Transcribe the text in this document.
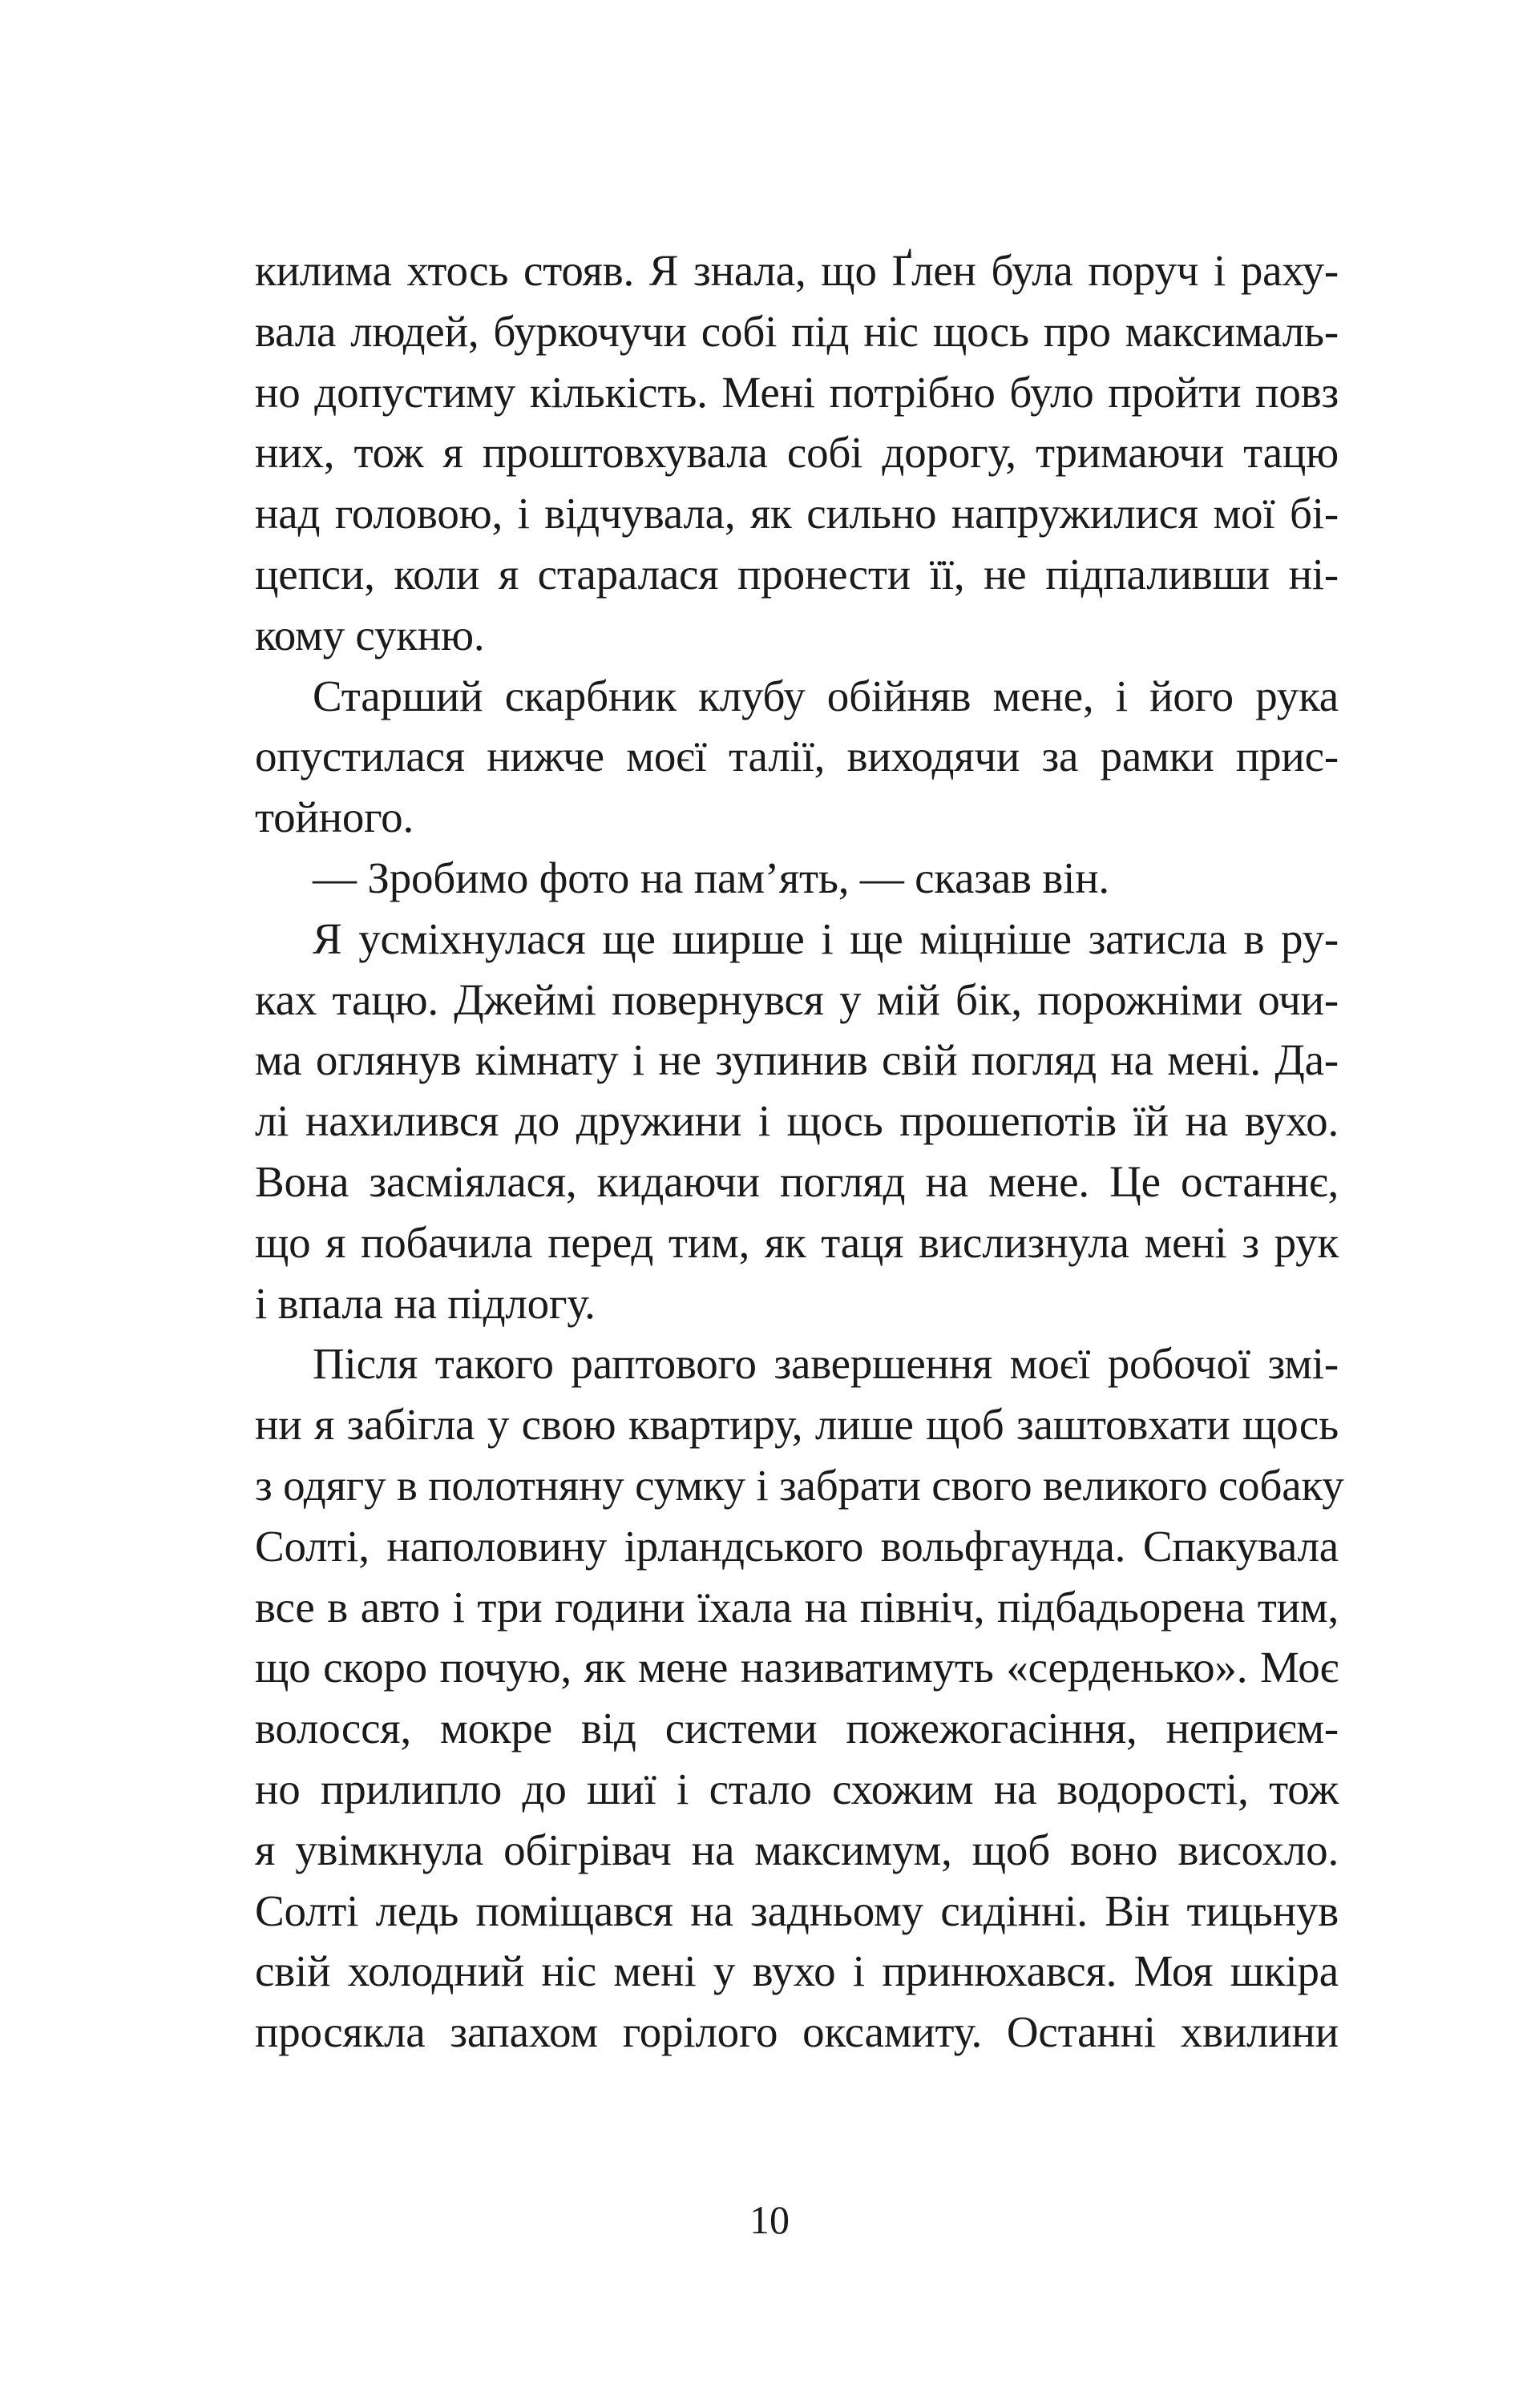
килима хтось стояв. Я знала, що Ґлен була поруч і раху-
вала людей, буркочучи собі під ніс щось про максималь-
но допустиму кількість. Мені потрібно було пройти повз
них, тож я проштовхувала собі дорогу, тримаючи тацю
над головою, і відчувала, як сильно напружилися мої бі-
цепси, коли я старалася пронести її, не підпаливши ні-
кому сукню.
Старший скарбник клубу обійняв мене, і його рука
опустилася нижче моєї талії, виходячи за рамки прис-
тойного.
— Зробимо фото на пам’ять, — сказав він.
Я усміхнулася ще ширше і ще міцніше затисла в ру-
ках тацю. Джеймі повернувся у мій бік, порожніми очи-
ма оглянув кімнату і не зупинив свій погляд на мені. Да-
лі нахилився до дружини і щось прошепотів їй на вухо.
Вона засміялася, кидаючи погляд на мене. Це останнє,
що я побачила перед тим, як таця вислизнула мені з рук
і впала на підлогу.
Після такого раптового завершення моєї робочої змі-
ни я забігла у свою квартиру, лише щоб заштовхати щось
з одягу в полотняну сумку і забрати свого великого собаку
Солті, наполовину ірландського вольфгаунда. Спакувала
все в авто і три години їхала на північ, підбадьорена тим,
що скоро почую, як мене називатимуть «серденько». Моє
волосся, мокре від системи пожежогасіння, неприєм-
но прилипло до шиї і стало схожим на водорості, тож
я увімкнула обігрівач на максимум, щоб воно висохло.
Солті ледь поміщався на задньому сидінні. Він тицьнув
свій холодний ніс мені у вухо і принюхався. Моя шкіра
просякла запахом горілого оксамиту. Останні хвилини
10
